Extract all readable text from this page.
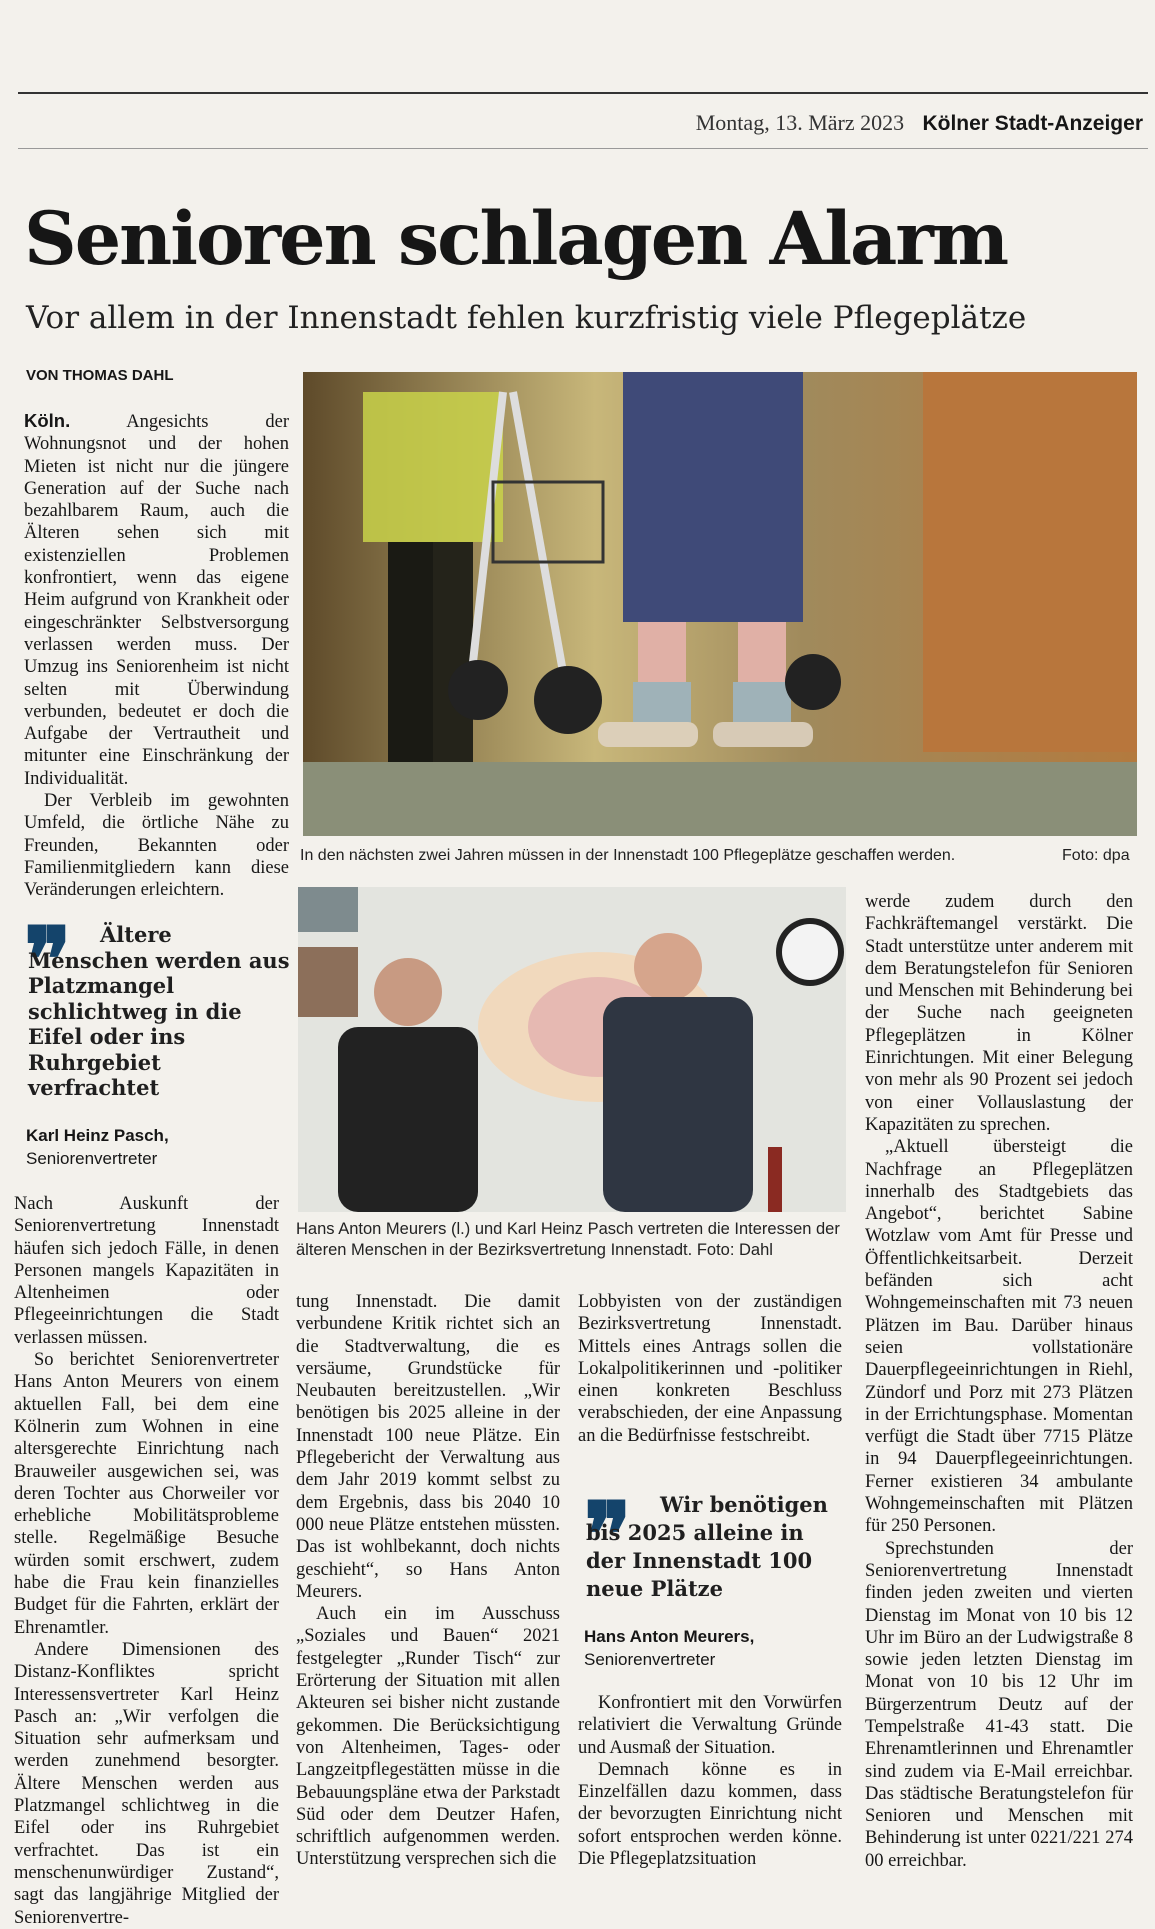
Montag, 13. März 2023 Kölner Stadt-Anzeiger
Senioren schlagen Alarm
Vor allem in der Innenstadt fehlen kurzfristig viele Pflegeplätze
VON THOMAS DAHL

Köln.	Angesichts der Wohnungsnot und der hohen Mieten ist nicht nur die jüngere Generation auf der Suche nach bezahlbarem Raum, auch die Älteren sehen sich mit existenziellen Problemen konfrontiert, wenn das eigene Heim aufgrund von Krankheit oder eingeschränkter Selbstversorgung verlassen werden muss. Der Umzug ins Seniorenheim ist nicht selten mit Überwindung verbunden, bedeutet er doch die Aufgabe der Vertrautheit und mitunter eine Einschränkung der Individualität.

Der Verbleib im gewohnten Umfeld, die örtliche Nähe zu Freunden, Bekannten oder Familienmitgliedern kann diese Veränderungen erleichtern.

❞	Ältere Menschen werden aus Platzmangel schlichtweg in die Eifel oder ins Ruhrgebiet verfrachtet
Karl Heinz Pasch,
Seniorenvertreter

Nach Auskunft der Seniorenvertretung Innenstadt häufen sich jedoch Fälle, in denen Personen mangels Kapazitäten in Altenheimen oder Pflegeeinrichtungen die Stadt verlassen müssen.

So berichtet Seniorenvertreter Hans Anton Meurers von einem aktuellen Fall, bei dem eine Kölnerin zum Wohnen in eine altersgerechte Einrichtung nach Brauweiler ausgewichen sei, was deren Tochter aus Chorweiler vor erhebliche Mobilitätsprobleme stelle. Regelmäßige Besuche würden somit erschwert, zudem habe die Frau kein finanzielles Budget für die Fahrten, erklärt der Ehrenamtler.

Andere Dimensionen des Distanz-Konfliktes spricht Interessensvertreter Karl Heinz Pasch an: „Wir verfolgen die Situation sehr aufmerksam und werden zunehmend besorgter. Ältere Menschen werden aus Platzmangel schlichtweg in die Eifel oder ins Ruhrgebiet verfrachtet. Das ist ein menschenunwürdiger Zustand“, sagt das langjährige Mitglied der Seniorenvertre-

In den nächsten zwei Jahren müssen in der Innenstadt 100 Pflegeplätze geschaffen werden.	Foto: dpa
Hans Anton Meurers (l.) und Karl Heinz Pasch vertreten die Interessen der älteren Menschen in der Bezirksvertretung Innenstadt. Foto: Dahl

tung Innenstadt. Die damit verbundene Kritik richtet sich an die Stadtverwaltung, die es versäume, Grundstücke für Neubauten bereitzustellen. „Wir benötigen bis 2025 alleine in der Innenstadt 100 neue Plätze. Ein Pflegebericht der Verwaltung aus dem Jahr 2019 kommt selbst zu dem Ergebnis, dass bis 2040 10 000 neue Plätze entstehen müssten. Das ist wohlbekannt, doch nichts geschieht“, so Hans Anton Meurers.

Auch ein im Ausschuss „Soziales und Bauen“ 2021 festgelegter „Runder Tisch“ zur Erörterung der Situation mit allen Akteuren sei bisher nicht zustande gekommen. Die Berücksichtigung von Altenheimen, Tages- oder Langzeitpflegestätten müsse in die Bebauungspläne etwa der Parkstadt Süd oder dem Deutzer Hafen, schriftlich aufgenommen werden. Unterstützung versprechen sich die

Lobbyisten von der zuständigen Bezirksvertretung Innenstadt. Mittels eines Antrags sollen die Lokalpolitikerinnen und -politiker einen konkreten Beschluss verabschieden, der eine Anpassung an die Bedürfnisse festschreibt.

❞	Wir benötigen bis 2025 alleine in der Innenstadt 100 neue Plätze
Hans Anton Meurers,
Seniorenvertreter

Konfrontiert mit den Vorwürfen relativiert die Verwaltung Gründe und Ausmaß der Situation.

Demnach könne es in Einzelfällen dazu kommen, dass der bevorzugten Einrichtung nicht sofort entsprochen werden könne. Die Pflegeplatzsituation

werde zudem durch den Fachkräftemangel verstärkt. Die Stadt unterstütze unter anderem mit dem Beratungstelefon für Senioren und Menschen mit Behinderung bei der Suche nach geeigneten Pflegeplätzen in Kölner Einrichtungen. Mit einer Belegung von mehr als 90 Prozent sei jedoch von einer Vollauslastung der Kapazitäten zu sprechen.

„Aktuell übersteigt die Nachfrage an Pflegeplätzen innerhalb des Stadtgebiets das Angebot“, berichtet Sabine Wotzlaw vom Amt für Presse und Öffentlichkeitsarbeit. Derzeit befänden sich acht Wohngemeinschaften mit 73 neuen Plätzen im Bau. Darüber hinaus seien vollstationäre Dauerpflegeeinrichtungen in Riehl, Zündorf und Porz mit 273 Plätzen in der Errichtungsphase. Momentan verfügt die Stadt über 7715 Plätze in 94 Dauerpflegeeinrichtungen. Ferner existieren 34 ambulante Wohngemeinschaften mit Plätzen für 250 Personen.

Sprechstunden der Seniorenvertretung Innenstadt finden jeden zweiten und vierten Dienstag im Monat von 10 bis 12 Uhr im Büro an der Ludwigstraße 8 sowie jeden letzten Dienstag im Monat von 10 bis 12 Uhr im Bürgerzentrum Deutz auf der Tempelstraße 41-43 statt. Die Ehrenamtlerinnen und Ehrenamtler sind zudem via E-Mail erreichbar. Das städtische Beratungstelefon für Senioren und Menschen mit Behinderung ist unter 0221/221 274 00 erreichbar.
